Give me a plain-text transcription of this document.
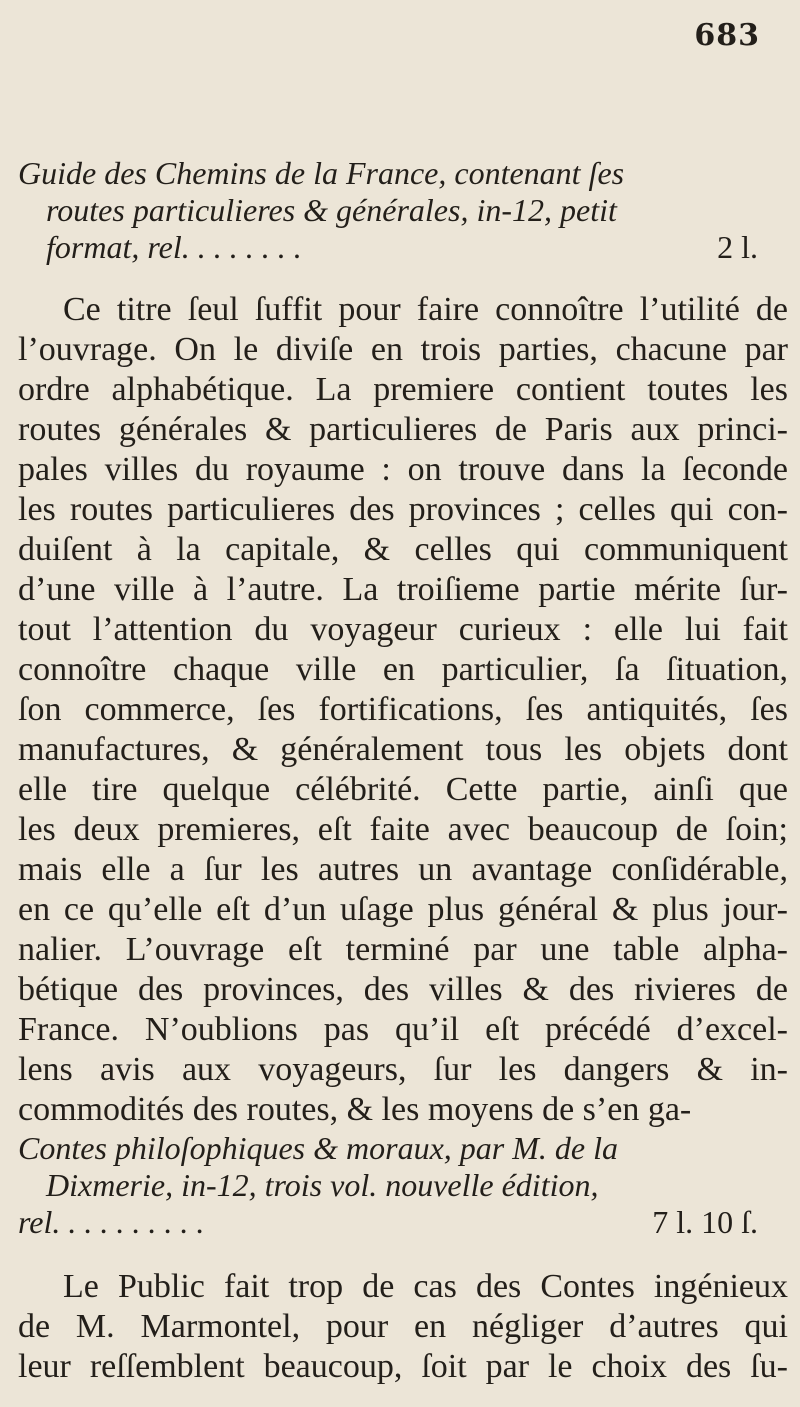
683
Guide des Chemins de la France, contenant ſes
routes particulieres & générales, in-12, petit
format, rel. . . . . . . .	2 l.
Ce titre ſeul ſuffit pour faire connoître l’utilité de
l’ouvrage. On le diviſe en trois parties, chacune par
ordre alphabétique. La premiere contient toutes les
routes générales & particulieres de Paris aux princi-
pales villes du royaume : on trouve dans la ſeconde
les routes particulieres des provinces ; celles qui con-
duiſent à la capitale, & celles qui communiquent
d’une ville à l’autre. La troiſieme partie mérite ſur-
tout l’attention du voyageur curieux : elle lui fait
connoître chaque ville en particulier, ſa ſituation,
ſon commerce, ſes fortifications, ſes antiquités, ſes
manufactures, & généralement tous les objets dont
elle tire quelque célébrité. Cette partie, ainſi que
les deux premieres, eſt faite avec beaucoup de ſoin;
mais elle a ſur les autres un avantage conſidérable,
en ce qu’elle eſt d’un uſage plus général & plus jour-
nalier. L’ouvrage eſt terminé par une table alpha-
bétique des provinces, des villes & des rivieres de
France. N’oublions pas qu’il eſt précédé d’excel-
lens avis aux voyageurs, ſur les dangers & in-
commodités des routes, & les moyens de s’en ga-
Contes philoſophiques & moraux, par M. de la
Dixmerie, in-12, trois vol. nouvelle édition,
rel. . . . . . . . . .	7 l. 10 ſ.
Le Public fait trop de cas des Contes ingénieux
de M. Marmontel, pour en négliger d’autres qui
leur reſſemblent beaucoup, ſoit par le choix des ſu-
